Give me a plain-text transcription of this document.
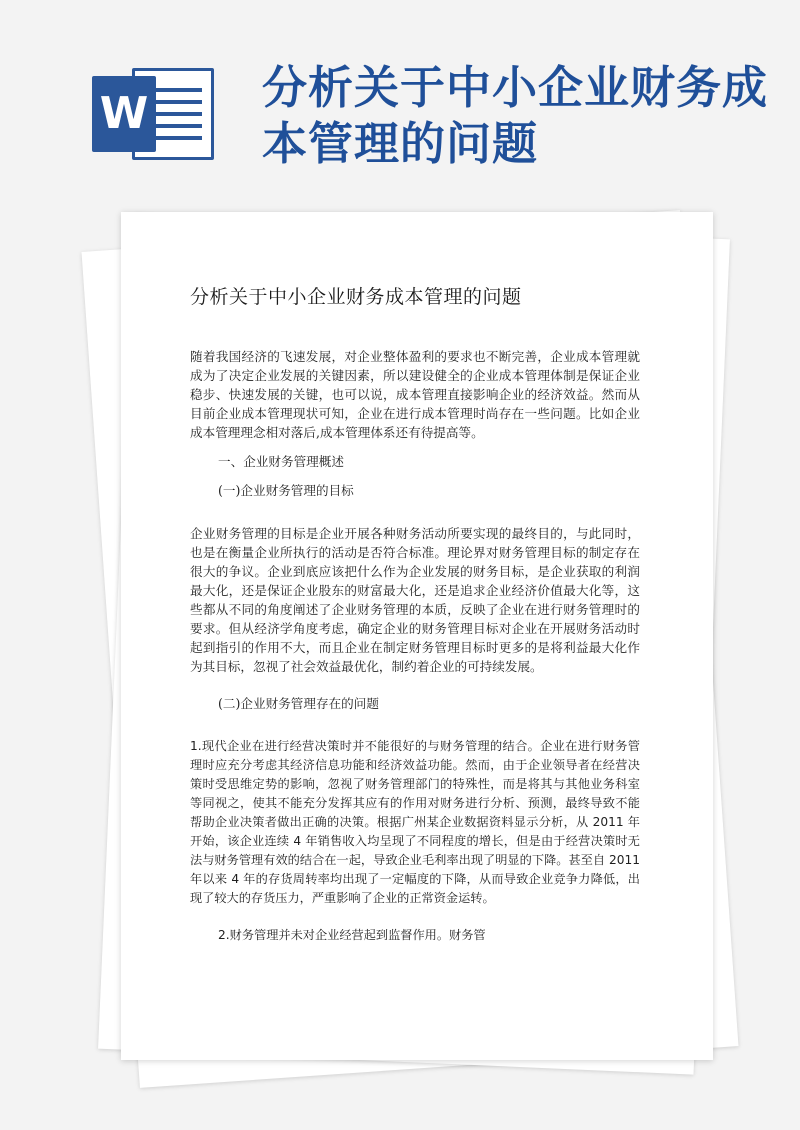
W	分析关于中小企业财务成本管理的问题
分析关于中小企业财务成本管理的问题

随着我国经济的飞速发展，对企业整体盈利的要求也不断完善，企业成本管理就成为了决定企业发展的关键因素，所以建设健全的企业成本管理体制是保证企业稳步、快速发展的关键，也可以说，成本管理直接影响企业的经济效益。然而从目前企业成本管理现状可知，企业在进行成本管理时尚存在一些问题。比如企业成本管理理念相对落后,成本管理体系还有待提高等。

一、企业财务管理概述

(一)企业财务管理的目标

企业财务管理的目标是企业开展各种财务活动所要实现的最终目的，与此同时，也是在衡量企业所执行的活动是否符合标准。理论界对财务管理目标的制定存在很大的争议。企业到底应该把什么作为企业发展的财务目标，是企业获取的利润最大化，还是保证企业股东的财富最大化，还是追求企业经济价值最大化等，这些都从不同的角度阐述了企业财务管理的本质，反映了企业在进行财务管理时的要求。但从经济学角度考虑，确定企业的财务管理目标对企业在开展财务活动时起到指引的作用不大，而且企业在制定财务管理目标时更多的是将利益最大化作为其目标，忽视了社会效益最优化，制约着企业的可持续发展。

(二)企业财务管理存在的问题

1.现代企业在进行经营决策时并不能很好的与财务管理的结合。企业在进行财务管理时应充分考虑其经济信息功能和经济效益功能。然而，由于企业领导者在经营决策时受思维定势的影响，忽视了财务管理部门的特殊性，而是将其与其他业务科室等同视之，使其不能充分发挥其应有的作用对财务进行分析、预测，最终导致不能帮助企业决策者做出正确的决策。根据广州某企业数据资料显示分析，从 2011 年开始，该企业连续 4 年销售收入均呈现了不同程度的增长，但是由于经营决策时无法与财务管理有效的结合在一起，导致企业毛利率出现了明显的下降。甚至自 2011 年以来 4 年的存货周转率均出现了一定幅度的下降，从而导致企业竞争力降低，出现了较大的存货压力，严重影响了企业的正常资金运转。

2.财务管理并未对企业经营起到监督作用。财务管
